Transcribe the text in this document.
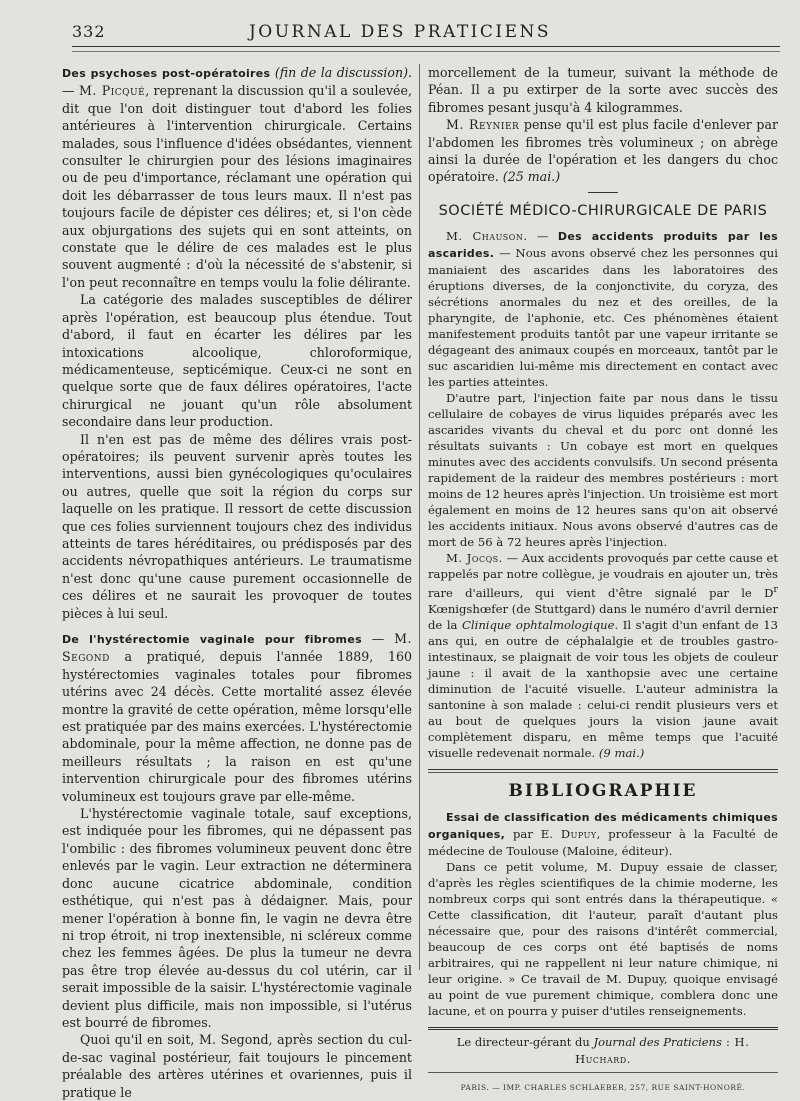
332	JOURNAL DES PRATICIENS

Des psychoses post-opératoires (fin de la discussion). — M. Picqué, reprenant la discussion qu'il a soulevée, dit que l'on doit distinguer tout d'abord les folies antérieures à l'intervention chirurgicale. Certains malades, sous l'influence d'idées obsédantes, viennent consulter le chirurgien pour des lésions imaginaires ou de peu d'importance, réclamant une opération qui doit les débarrasser de tous leurs maux. Il n'est pas toujours facile de dépister ces délires; et, si l'on cède aux objurgations des sujets qui en sont atteints, on constate que le délire de ces malades est le plus souvent augmenté : d'où la nécessité de s'abstenir, si l'on peut reconnaître en temps voulu la folie délirante.

La catégorie des malades susceptibles de délirer après l'opération, est beaucoup plus étendue. Tout d'abord, il faut en écarter les délires par les intoxications alcoolique, chloroformique, médicamenteuse, septicémique. Ceux-ci ne sont en quelque sorte que de faux délires opératoires, l'acte chirurgical ne jouant qu'un rôle absolument secondaire dans leur production.

Il n'en est pas de même des délires vrais post-opératoires; ils peuvent survenir après toutes les interventions, aussi bien gynécologiques qu'oculaires ou autres, quelle que soit la région du corps sur laquelle on les pratique. Il ressort de cette discussion que ces folies surviennent toujours chez des individus atteints de tares héréditaires, ou prédisposés par des accidents névropathiques antérieurs. Le traumatisme n'est donc qu'une cause purement occasionnelle de ces délires et ne saurait les provoquer de toutes pièces à lui seul.

De l'hystérectomie vaginale pour fibromes — M. Segond a pratiqué, depuis l'année 1889, 160 hystérectomies vaginales totales pour fibromes utérins avec 24 décès. Cette mortalité assez élevée montre la gravité de cette opération, même lorsqu'elle est pratiquée par des mains exercées. L'hystérectomie abdominale, pour la même affection, ne donne pas de meilleurs résultats ; la raison en est qu'une intervention chirurgicale pour des fibromes utérins volumineux est toujours grave par elle-même.

L'hystérectomie vaginale totale, sauf exceptions, est indiquée pour les fibromes, qui ne dépassent pas l'ombilic : des fibromes volumineux peuvent donc être enlevés par le vagin. Leur extraction ne déterminera donc aucune cicatrice abdominale, condition esthétique, qui n'est pas à dédaigner. Mais, pour mener l'opération à bonne fin, le vagin ne devra être ni trop étroit, ni trop inextensible, ni scléreux comme chez les femmes âgées. De plus la tumeur ne devra pas être trop élevée au-dessus du col utérin, car il serait impossible de la saisir. L'hystérectomie vaginale devient plus difficile, mais non impossible, si l'utérus est bourré de fibromes.

Quoi qu'il en soit, M. Segond, après section du cul-de-sac vaginal postérieur, fait toujours le pincement préalable des artères utérines et ovariennes, puis il pratique le

morcellement de la tumeur, suivant la méthode de Péan. Il a pu extirper de la sorte avec succès des fibromes pesant jusqu'à 4 kilogrammes.

M. Reynier pense qu'il est plus facile d'enlever par l'abdomen les fibromes très volumineux ; on abrège ainsi la durée de l'opération et les dangers du choc opératoire. (25 mai.)

SOCIÉTÉ MÉDICO-CHIRURGICALE DE PARIS

M. Chauson. — Des accidents produits par les ascarides. — Nous avons observé chez les personnes qui maniaient des ascarides dans les laboratoires des éruptions diverses, de la conjonctivite, du coryza, des sécrétions anormales du nez et des oreilles, de la pharyngite, de l'aphonie, etc. Ces phénomènes étaient manifestement produits tantôt par une vapeur irritante se dégageant des animaux coupés en morceaux, tantôt par le suc ascaridien lui-même mis directement en contact avec les parties atteintes.

D'autre part, l'injection faite par nous dans le tissu cellulaire de cobayes de virus liquides préparés avec les ascarides vivants du cheval et du porc ont donné les résultats suivants : Un cobaye est mort en quelques minutes avec des accidents convulsifs. Un second présenta rapidement de la raideur des membres postérieurs : mort moins de 12 heures après l'injection. Un troisième est mort également en moins de 12 heures sans qu'on ait observé les accidents initiaux. Nous avons observé d'autres cas de mort de 56 à 72 heures après l'injection.

M. Jocqs. — Aux accidents provoqués par cette cause et rappelés par notre collègue, je voudrais en ajouter un, très rare d'ailleurs, qui vient d'être signalé par le $D^r$ Kœnigshœfer (de Stuttgard) dans le numéro d'avril dernier de la Clinique ophtalmologique. Il s'agit d'un enfant de 13 ans qui, en outre de céphalalgie et de troubles gastro-intestinaux, se plaignait de voir tous les objets de couleur jaune : il avait de la xanthopsie avec une certaine diminution de l'acuité visuelle. L'auteur administra la santonine à son malade : celui-ci rendit plusieurs vers et au bout de quelques jours la vision jaune avait complètement disparu, en même temps que l'acuité visuelle redevenait normale. (9 mai.)

BIBLIOGRAPHIE

Essai de classification des médicaments chimiques organiques, par E. Dupuy, professeur à la Faculté de médecine de Toulouse (Maloine, éditeur).

Dans ce petit volume, M. Dupuy essaie de classer, d'après les règles scientifiques de la chimie moderne, les nombreux corps qui sont entrés dans la thérapeutique. « Cette classification, dit l'auteur, paraît d'autant plus nécessaire que, pour des raisons d'intérêt commercial, beaucoup de ces corps ont été baptisés de noms arbitraires, qui ne rappellent ni leur nature chimique, ni leur origine. » Ce travail de M. Dupuy, quoique envisagé au point de vue purement chimique, comblera donc une lacune, et on pourra y puiser d'utiles renseignements.

Le directeur-gérant du Journal des Praticiens : H. Huchard.
PARIS. — IMP. CHARLES SCHLAEBER, 257, RUE SAINT-HONORÉ.
